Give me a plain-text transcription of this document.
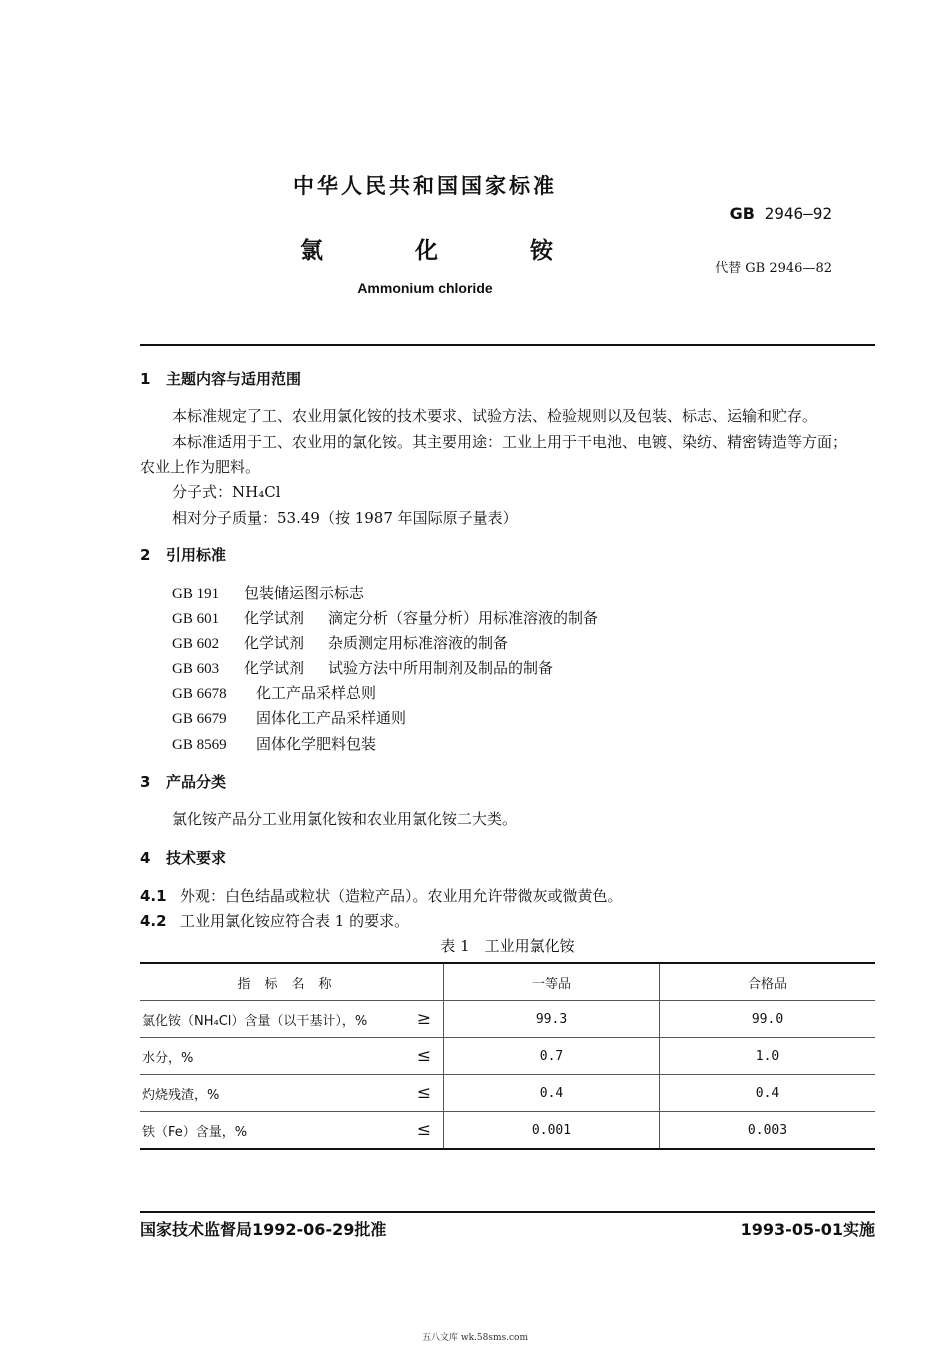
中华人民共和国国家标准
GB 2946—92
氯	化	铵
代替 GB 2946—82
Ammonium chloride
1 主题内容与适用范围
本标准规定了工、农业用氯化铵的技术要求、试验方法、检验规则以及包装、标志、运输和贮存。
本标准适用于工、农业用的氯化铵。其主要用途：工业上用于干电池、电镀、染纺、精密铸造等方面；
农业上作为肥料。
分子式：NH₄Cl
相对分子质量：53.49（按 1987 年国际原子量表）
2 引用标准
GB 191 包装储运图示标志
GB 601 化学试剂 滴定分析（容量分析）用标准溶液的制备
GB 602 化学试剂 杂质测定用标准溶液的制备
GB 603 化学试剂 试验方法中所用制剂及制品的制备
GB 6678 化工产品采样总则
GB 6679 固体化工产品采样通则
GB 8569 固体化学肥料包装
3 产品分类
氯化铵产品分工业用氯化铵和农业用氯化铵二大类。
4 技术要求
4.1 外观：白色结晶或粒状（造粒产品）。农业用允许带微灰或微黄色。
4.2 工业用氯化铵应符合表 1 的要求。
表 1　工业用氯化铵
指标名称		一等品	合格品
氯化铵（NH₄Cl）含量（以干基计），%	≥	99.3	99.0
水分，%	≤	0.7	1.0
灼烧残渣，%	≤	0.4	0.4
铁（Fe）含量，%	≤	0.001	0.003
国家技术监督局1992-06-29批准	1993-05-01实施
五八文库 wk.58sms.com
